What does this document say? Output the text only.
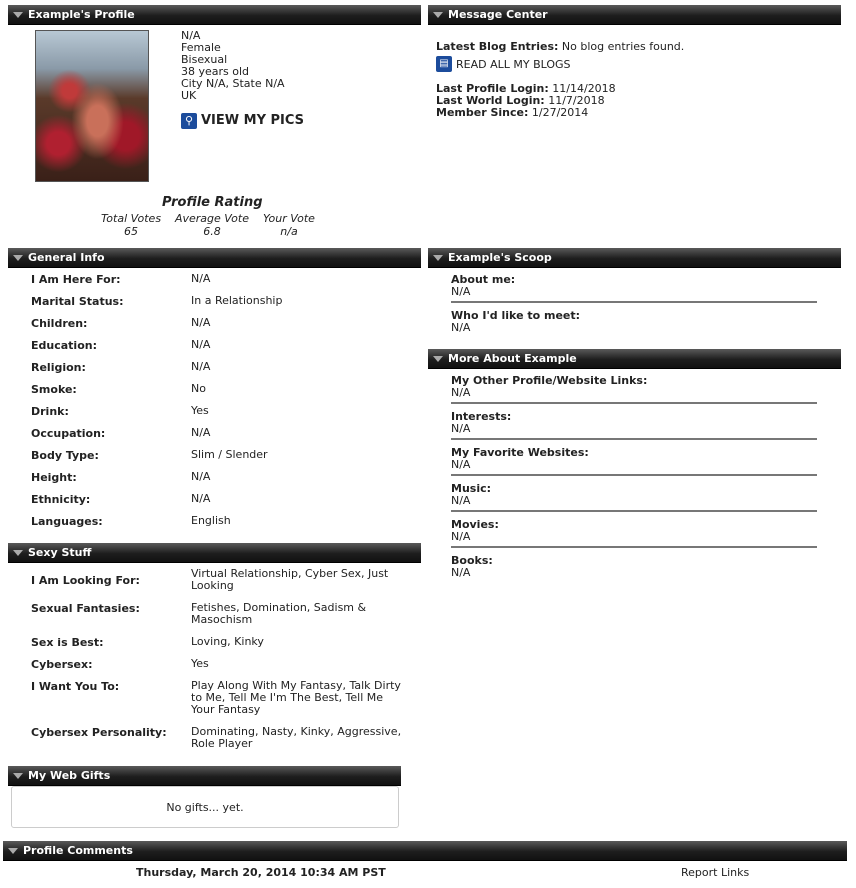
Example's Profile
N/A
Female
Bisexual
38 years old
City N/A, State N/A
UK
⚲ VIEW MY PICS
Profile Rating
Total Votes
65
Average Vote
6.8
Your Vote
n/a
Message Center
Latest Blog Entries: No blog entries found.
▤ READ ALL MY BLOGS
Last Profile Login: 11/14/2018
Last World Login: 11/7/2018
Member Since: 1/27/2014
General Info
I Am Here For:	N/A
Marital Status:	In a Relationship
Children:	N/A
Education:	N/A
Religion:	N/A
Smoke:	No
Drink:	Yes
Occupation:	N/A
Body Type:	Slim / Slender
Height:	N/A
Ethnicity:	N/A
Languages:	English
Example's Scoop
About me:
N/A
Who I'd like to meet:
N/A
More About Example
My Other Profile/Website Links:
N/A
Interests:
N/A
My Favorite Websites:
N/A
Music:
N/A
Movies:
N/A
Books:
N/A
Sexy Stuff
I Am Looking For:
Virtual Relationship, Cyber Sex, Just Looking
Sexual Fantasies:	Fetishes, Domination, Sadism & Masochism
Sex is Best:	Loving, Kinky
Cybersex:	Yes
I Want You To:	Play Along With My Fantasy, Talk Dirty to Me, Tell Me I'm The Best, Tell Me Your Fantasy
Cybersex Personality: Dominating, Nasty, Kinky, Aggressive, Role Player
My Web Gifts
No gifts... yet.
Profile Comments
Thursday, March 20, 2014 10:34 AM PST	Report Links
